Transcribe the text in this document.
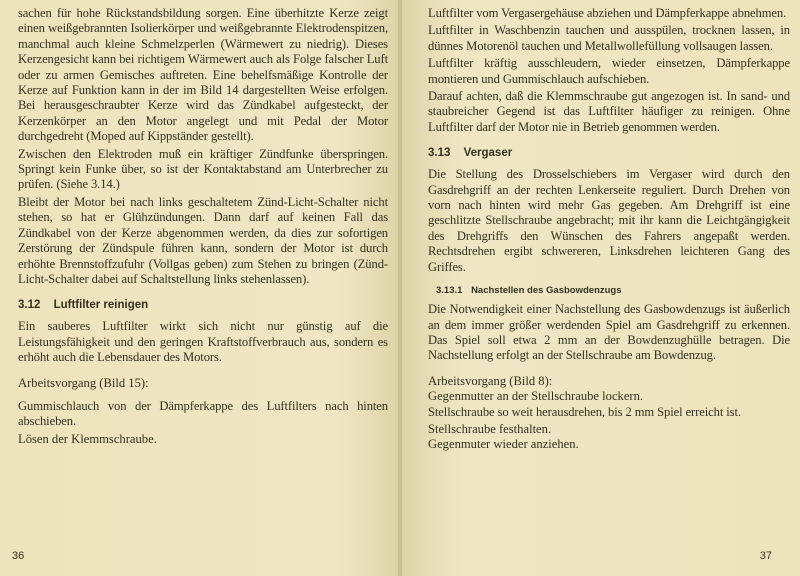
sachen für hohe Rückstandsbildung sorgen. Eine überhitzte Kerze zeigt einen weißgebrannten Isolierkörper und weißgebrannte Elektrodenspitzen, manchmal auch kleine Schmelzperlen (Wärmewert zu niedrig). Dieses Kerzengesicht kann bei richtigem Wärmewert auch als Folge falscher Luft oder zu armen Gemisches auftreten. Eine behelfsmäßige Kontrolle der Kerze auf Funktion kann in der im Bild 14 dargestellten Weise erfolgen. Bei herausgeschraubter Kerze wird das Zündkabel aufgesteckt, der Kerzenkörper an den Motor angelegt und mit Pedal der Motor durchgedreht (Moped auf Kippständer gestellt).

Zwischen den Elektroden muß ein kräftiger Zündfunke überspringen. Springt kein Funke über, so ist der Kontaktabstand am Unterbrecher zu prüfen. (Siehe 3.14.)

Bleibt der Motor bei nach links geschaltetem Zünd-Licht-Schalter nicht stehen, so hat er Glühzündungen. Dann darf auf keinen Fall das Zündkabel von der Kerze abgenommen werden, da dies zur sofortigen Zerstörung der Zündspule führen kann, sondern der Motor ist durch erhöhte Brennstoffzufuhr (Vollgas geben) zum Stehen zu bringen (Zünd-Licht-Schalter dabei auf Schaltstellung links stehenlassen).

3.12 Luftfilter reinigen

Ein sauberes Luftfilter wirkt sich nicht nur günstig auf die Leistungsfähigkeit und den geringen Kraftstoffverbrauch aus, sondern es erhöht auch die Lebensdauer des Motors.

Arbeitsvorgang (Bild 15):

Gummischlauch von der Dämpferkappe des Luftfilters nach hinten abschieben.

Lösen der Klemmschraube.
36

Luftfilter vom Vergasergehäuse abziehen und Dämpferkappe abnehmen.

Luftfilter in Waschbenzin tauchen und ausspülen, trocknen lassen, in dünnes Motorenöl tauchen und Metallwollefüllung vollsaugen lassen.

Luftfilter kräftig ausschleudern, wieder einsetzen, Dämpferkappe montieren und Gummischlauch aufschieben.

Darauf achten, daß die Klemmschraube gut angezogen ist. In sand- und staubreicher Gegend ist das Luftfilter häufiger zu reinigen. Ohne Luftfilter darf der Motor nie in Betrieb genommen werden.

3.13 Vergaser

Die Stellung des Drosselschiebers im Vergaser wird durch den Gasdrehgriff an der rechten Lenkerseite reguliert. Durch Drehen von vorn nach hinten wird mehr Gas gegeben. Am Drehgriff ist eine geschlitzte Stellschraube angebracht; mit ihr kann die Leichtgängigkeit des Drehgriffs den Wünschen des Fahrers angepaßt werden. Rechtsdrehen ergibt schwereren, Linksdrehen leichteren Gang des Griffes.

3.13.1 Nachstellen des Gasbowdenzugs

Die Notwendigkeit einer Nachstellung des Gasbowdenzugs ist äußerlich an dem immer größer werdenden Spiel am Gasdrehgriff zu erkennen. Das Spiel soll etwa 2 mm an der Bowdenzughülle betragen. Die Nachstellung erfolgt an der Stellschraube am Bowdenzug.

Arbeitsvorgang (Bild 8):
Gegenmutter an der Stellschraube lockern.

Stellschraube so weit herausdrehen, bis 2 mm Spiel erreicht ist.

Stellschraube festhalten.
Gegenmuter wieder anziehen.
37
